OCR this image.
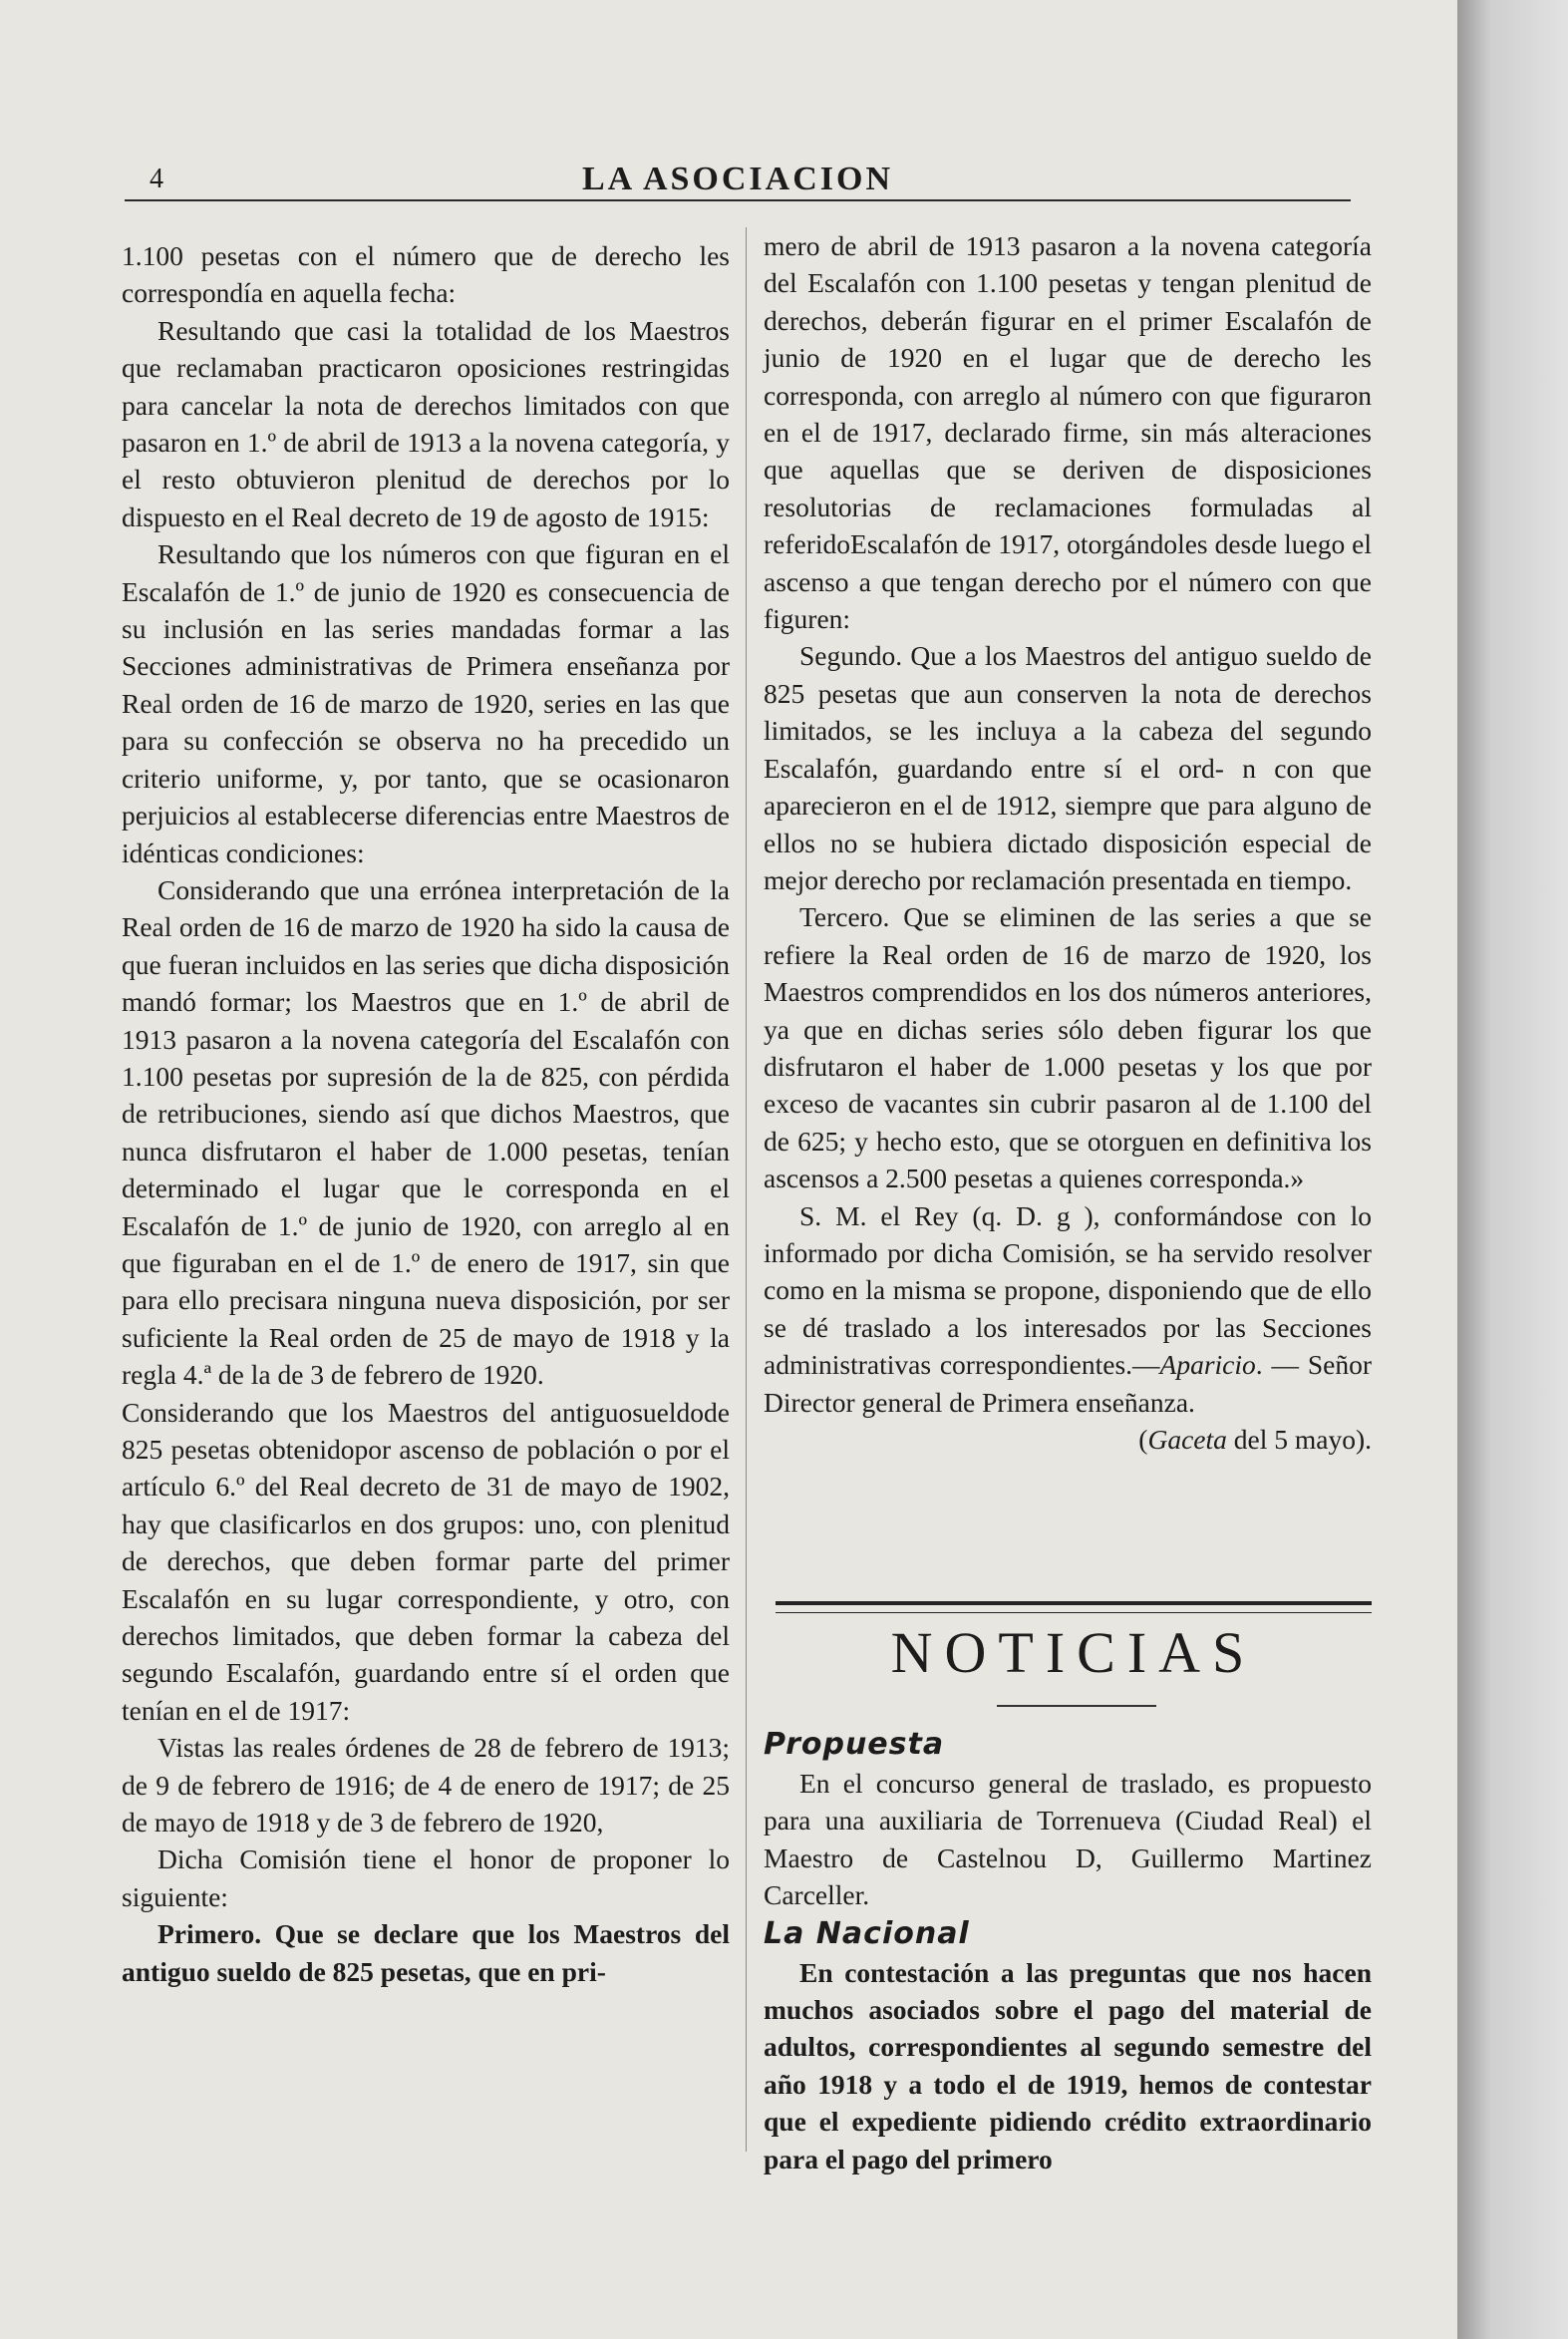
4	LA ASOCIACION

1.100 pesetas con el número que de derecho les correspondía en aquella fecha:

Resultando que casi la totalidad de los Maestros que reclamaban practicaron oposiciones restringidas para cancelar la nota de derechos limitados con que pasaron en 1.º de abril de 1913 a la novena categoría, y el resto obtuvieron plenitud de derechos por lo dispuesto en el Real decreto de 19 de agosto de 1915:

Resultando que los números con que figuran en el Escalafón de 1.º de junio de 1920 es consecuencia de su inclusión en las series mandadas formar a las Secciones administrativas de Primera enseñanza por Real orden de 16 de marzo de 1920, series en las que para su confección se observa no ha precedido un criterio uniforme, y, por tanto, que se ocasionaron perjuicios al establecerse diferencias entre Maestros de idénticas condiciones:

Considerando que una errónea interpretación de la Real orden de 16 de marzo de 1920 ha sido la causa de que fueran incluidos en las series que dicha disposición mandó formar; los Maestros que en 1.º de abril de 1913 pasaron a la novena categoría del Escalafón con 1.100 pesetas por supresión de la de 825, con pérdida de retribuciones, siendo así que dichos Maestros, que nunca disfrutaron el haber de 1.000 pesetas, tenían determinado el lugar que le corresponda en el Escalafón de 1.º de junio de 1920, con arreglo al en que figuraban en el de 1.º de enero de 1917, sin que para ello precisara ninguna nueva disposición, por ser suficiente la Real orden de 25 de mayo de 1918 y la regla 4.ª de la de 3 de febrero de 1920.

Considerando que los Maestros del antiguosueldode 825 pesetas obtenidopor ascenso de población o por el artículo 6.º del Real decreto de 31 de mayo de 1902, hay que clasificarlos en dos grupos: uno, con plenitud de derechos, que deben formar parte del primer Escalafón en su lugar correspondiente, y otro, con derechos limitados, que deben formar la cabeza del segundo Escalafón, guardando entre sí el orden que tenían en el de 1917:

Vistas las reales órdenes de 28 de febrero de 1913; de 9 de febrero de 1916; de 4 de enero de 1917; de 25 de mayo de 1918 y de 3 de febrero de 1920,

Dicha Comisión tiene el honor de proponer lo siguiente:

Primero. Que se declare que los Maestros del antiguo sueldo de 825 pesetas, que en pri-

mero de abril de 1913 pasaron a la novena categoría del Escalafón con 1.100 pesetas y tengan plenitud de derechos, deberán figurar en el primer Escalafón de junio de 1920 en el lugar que de derecho les corresponda, con arreglo al número con que figuraron en el de 1917, declarado firme, sin más alteraciones que aquellas que se deriven de disposiciones resolutorias de reclamaciones formuladas al referidoEscalafón de 1917, otorgándoles desde luego el ascenso a que tengan derecho por el número con que figuren:

Segundo. Que a los Maestros del antiguo sueldo de 825 pesetas que aun conserven la nota de derechos limitados, se les incluya a la cabeza del segundo Escalafón, guardando entre sí el ord- n con que aparecieron en el de 1912, siempre que para alguno de ellos no se hubiera dictado disposición especial de mejor derecho por reclamación presentada en tiempo.

Tercero. Que se eliminen de las series a que se refiere la Real orden de 16 de marzo de 1920, los Maestros comprendidos en los dos números anteriores, ya que en dichas series sólo deben figurar los que disfrutaron el haber de 1.000 pesetas y los que por exceso de vacantes sin cubrir pasaron al de 1.100 del de 625; y hecho esto, que se otorguen en definitiva los ascensos a 2.500 pesetas a quienes corresponda.»

S. M. el Rey (q. D. g ), conformándose con lo informado por dicha Comisión, se ha servido resolver como en la misma se propone, disponiendo que de ello se dé traslado a los interesados por las Secciones administrativas correspondientes.—Aparicio. — Señor Director general de Primera enseñanza.

(Gaceta del 5 mayo).

NOTICIAS
Propuesta

En el concurso general de traslado, es propuesto para una auxiliaria de Torrenueva (Ciudad Real) el Maestro de Castelnou D, Guillermo Martinez Carceller.

La Nacional

En contestación a las preguntas que nos hacen muchos asociados sobre el pago del material de adultos, correspondientes al segundo semestre del año 1918 y a todo el de 1919, hemos de contestar que el expediente pidiendo crédito extraordinario para el pago del primero
